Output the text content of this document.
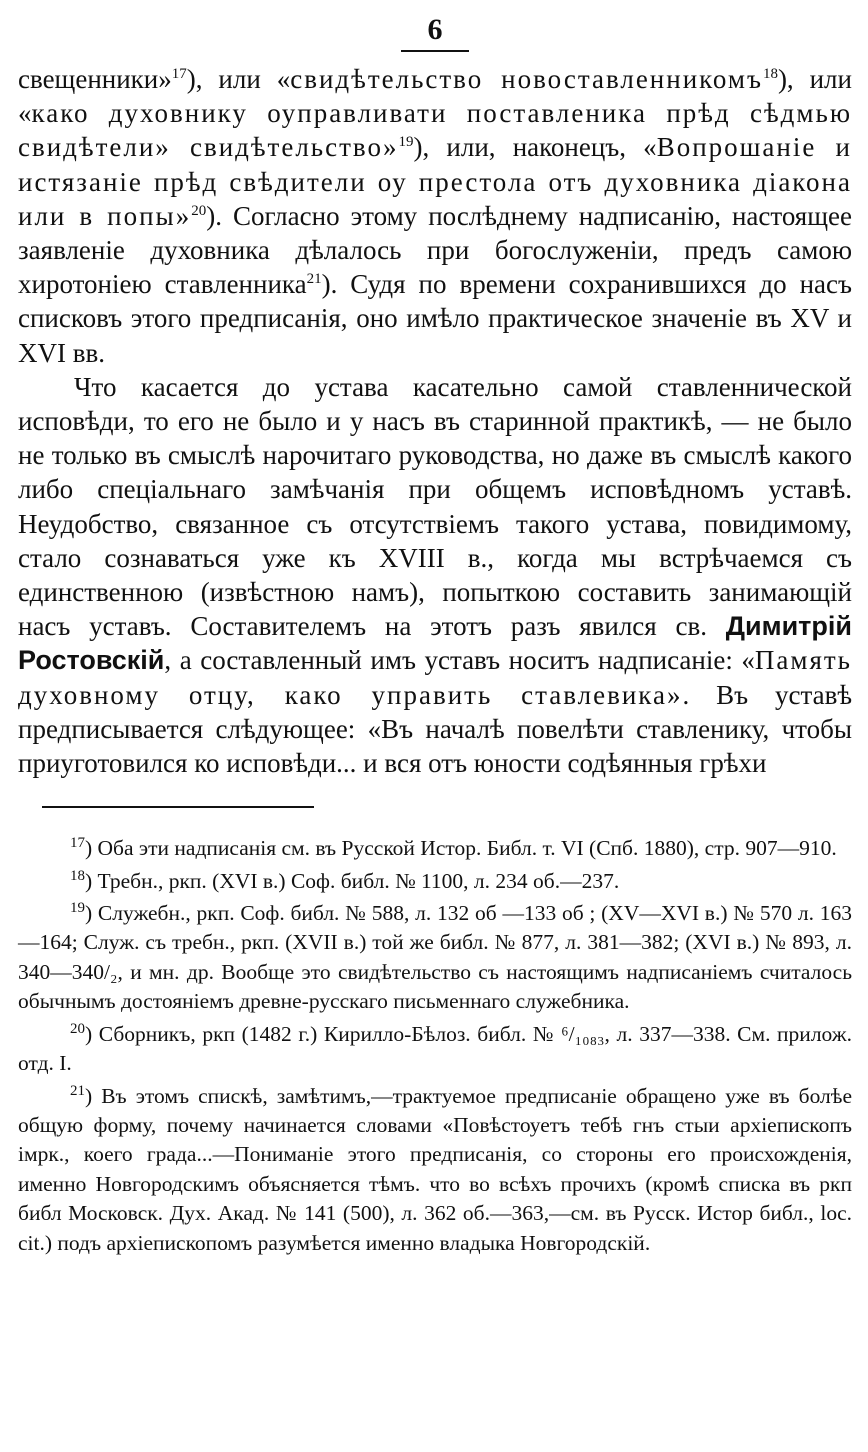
6

свещенники»$^{17}$), или «свидѣтельство новоставленникомъ$^{18}$), или «како духовнику оуправливати поставленика прѣд сѣдмью свидѣтели» свидѣтельство»$^{19}$), или, наконецъ, «Вопрошаніе и истязаніе прѣд свѣдители оу престола отъ духовника діакона или в попы»$^{20}$). Согласно этому послѣднему надписанію, настоящее заявленіе духовника дѣлалось при богослуженіи, предъ самою хиротоніею ставленника$^{21}$). Судя по времени сохранившихся до насъ списковъ этого предписанія, оно имѣло практическое значеніе въ XV и XVI вв.

Что касается до устава касательно самой ставленнической исповѣди, то его не было и у насъ въ старинной практикѣ, — не было не только въ смыслѣ нарочитаго руководства, но даже въ смыслѣ какого либо спеціальнаго замѣчанія при общемъ исповѣдномъ уставѣ. Неудобство, связанное съ отсутствіемъ такого устава, повидимому, стало сознаваться уже къ XVIII в., когда мы встрѣчаемся съ единственною (извѣстною намъ), попыткою составить занимающій насъ уставъ. Составителемъ на этотъ разъ явился св. Димитрій Ростовскій, а составленный имъ уставъ носитъ надписаніе: «Память духовному отцу, како управить ставлевика». Въ уставѣ предписывается слѣдующее: «Въ началѣ повелѣти ставленику, чтобы приуготовился ко исповѣди... и вся отъ юности содѣянныя грѣхи

$^{17}$) Оба эти надписанія см. въ Русской Истор. Библ. т. VI (Спб. 1880), стр. 907—910.

$^{18}$) Требн., ркп. (XVI в.) Соф. библ. № 1100, л. 234 об.—237.

$^{19}$) Служебн., ркп. Соф. библ. № 588, л. 132 об —133 об ; (XV—XVI в.) № 570 л. 163—164; Служ. съ требн., ркп. (XVII в.) той же библ. № 877, л. 381—382; (XVI в.) № 893, л. 340—340/₂, и мн. др. Вообще это свидѣтельство съ настоящимъ надписаніемъ считалось обычнымъ достояніемъ древне-русскаго письменнаго служебника.

$^{20}$) Сборникъ, ркп (1482 г.) Кирилло-Бѣлоз. библ. № ⁶/₁₀₈₃, л. 337—338. См. прилож. отд. I.

$^{21}$) Въ этомъ спискѣ, замѣтимъ,—трактуемое предписаніе обращено уже въ болѣе общую форму, почему начинается словами «Повѣстоуетъ тебѣ гнъ стыи архіепископъ імрк., коего града...—Пониманіе этого предписанія, со стороны его происхожденія, именно Новгородскимъ объясняется тѣмъ. что во всѣхъ прочихъ (кромѣ списка въ ркп библ Московск. Дух. Акад. № 141 (500), л. 362 об.—363,—см. въ Русск. Истор библ., loc. cit.) подъ архіепископомъ разумѣется именно владыка Новгородскій.
